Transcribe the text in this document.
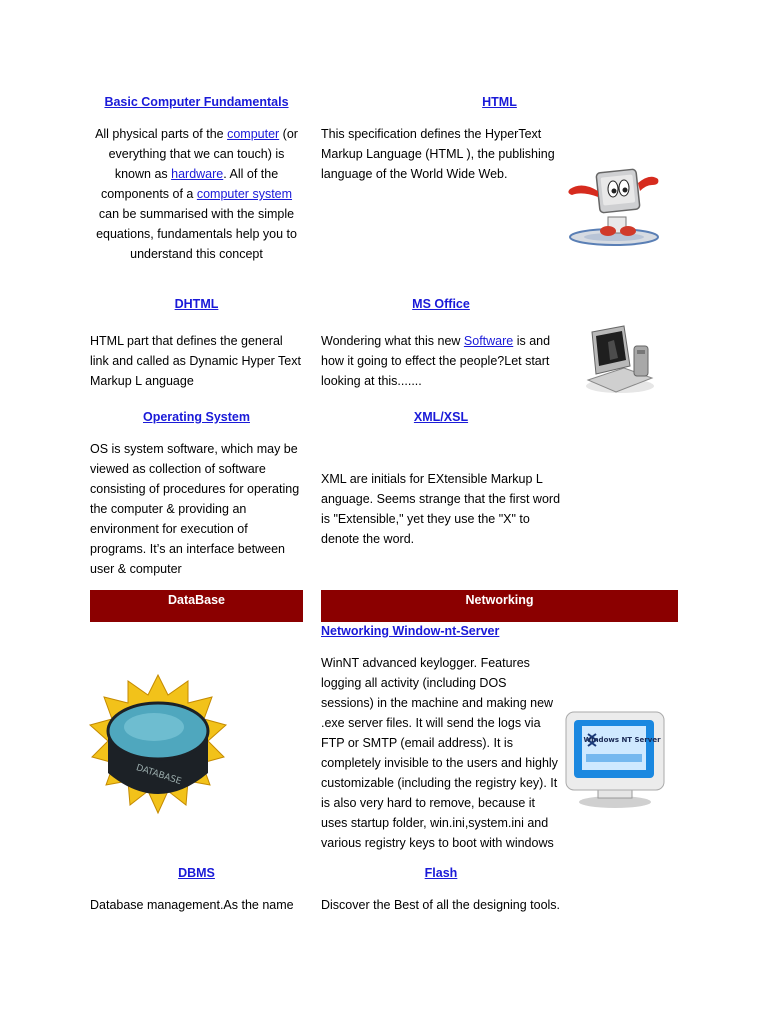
Basic Computer Fundamentals
All physical parts of the computer (or everything that we can touch) is known as hardware. All of the components of a computer system can be summarised with the simple equations, fundamentals help you to understand this concept
DHTML
HTML part that defines the general link and called as Dynamic Hyper Text Markup L anguage
Operating System
OS is system software, which may be viewed as collection of software consisting of procedures for operating the computer & providing an environment for execution of programs. It’s an interface between user & computer
DataBase
DATABASE
DBMS
Database management.As the name
HTML
This specification defines the HyperText Markup Language (HTML ), the publishing language of the World Wide Web.
MS Office
Wondering what this new Software is and how it going to effect the people?Let start looking at this.......
XML/XSL
XML are initials for EXtensible Markup L anguage. Seems strange that the first word is "Extensible," yet they use the "X" to denote the word.
Networking
Networking Window-nt-Server
WinNT advanced keylogger. Features logging all activity (including DOS sessions) in the machine and making new .exe server files. It will send the logs via FTP or SMTP (email address). It is completely invisible to the users and highly customizable (including the registry key). It is also very hard to remove, because it uses startup folder, win.ini,system.ini and various registry keys to boot with windows
Windows NT Server
Flash
Discover the Best of all the designing tools.
